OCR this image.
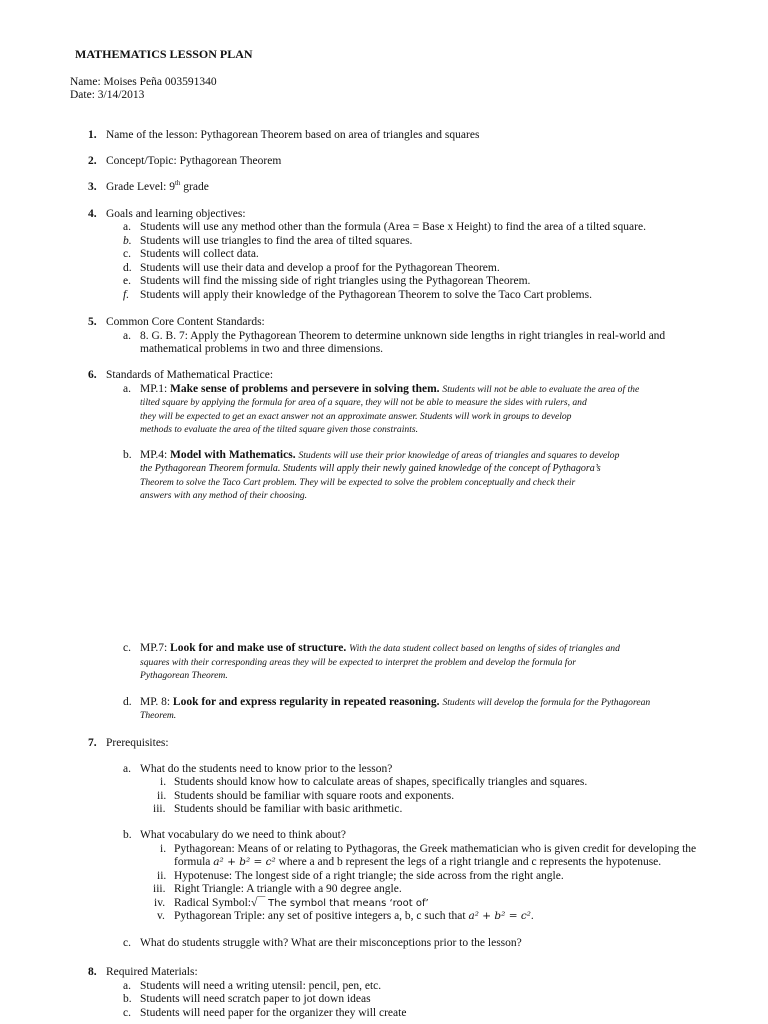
MATHEMATICS LESSON PLAN
Name: Moises Peña 003591340
Date: 3/14/2013
1. Name of the lesson: Pythagorean Theorem based on area of triangles and squares
2. Concept/Topic: Pythagorean Theorem
3. Grade Level: 9th grade
4. Goals and learning objectives:
a. Students will use any method other than the formula (Area = Base x Height) to find the area of a tilted square.
b. Students will use triangles to find the area of tilted squares.
c. Students will collect data.
d. Students will use their data and develop a proof for the Pythagorean Theorem.
e. Students will find the missing side of right triangles using the Pythagorean Theorem.
f. Students will apply their knowledge of the Pythagorean Theorem to solve the Taco Cart problems.
5. Common Core Content Standards:
a. 8. G. B. 7: Apply the Pythagorean Theorem to determine unknown side lengths in right triangles in real-world and
mathematical problems in two and three dimensions.
6. Standards of Mathematical Practice:
a. MP.1: Make sense of problems and persevere in solving them. Students will not be able to evaluate the area of the
tilted square by applying the formula for area of a square, they will not be able to measure the sides with rulers, and
they will be expected to get an exact answer not an approximate answer. Students will work in groups to develop
methods to evaluate the area of the tilted square given those constraints.
b. MP.4: Model with Mathematics. Students will use their prior knowledge of areas of triangles and squares to develop
the Pythagorean Theorem formula. Students will apply their newly gained knowledge of the concept of Pythagora’s
Theorem to solve the Taco Cart problem. They will be expected to solve the problem conceptually and check their
answers with any method of their choosing.
c. MP.7: Look for and make use of structure. With the data student collect based on lengths of sides of triangles and
squares with their corresponding areas they will be expected to interpret the problem and develop the formula for
Pythagorean Theorem.
d. MP. 8: Look for and express regularity in repeated reasoning. Students will develop the formula for the Pythagorean
Theorem.
7. Prerequisites:
a. What do the students need to know prior to the lesson?
i. Students should know how to calculate areas of shapes, specifically triangles and squares.
ii. Students should be familiar with square roots and exponents.
iii. Students should be familiar with basic arithmetic.
b. What vocabulary do we need to think about?
i. Pythagorean: Means of or relating to Pythagoras, the Greek mathematician who is given credit for developing the
formula a² + b² = c² where a and b represent the legs of a right triangle and c represents the hypotenuse.
ii. Hypotenuse: The longest side of a right triangle; the side across from the right angle.
iii. Right Triangle: A triangle with a 90 degree angle.
iv. Radical Symbol:√‾‾ The symbol that means ‘root of’
v. Pythagorean Triple: any set of positive integers a, b, c such that a² + b² = c².
c. What do students struggle with? What are their misconceptions prior to the lesson?
8. Required Materials:
a. Students will need a writing utensil: pencil, pen, etc.
b. Students will need scratch paper to jot down ideas
c. Students will need paper for the organizer they will create
